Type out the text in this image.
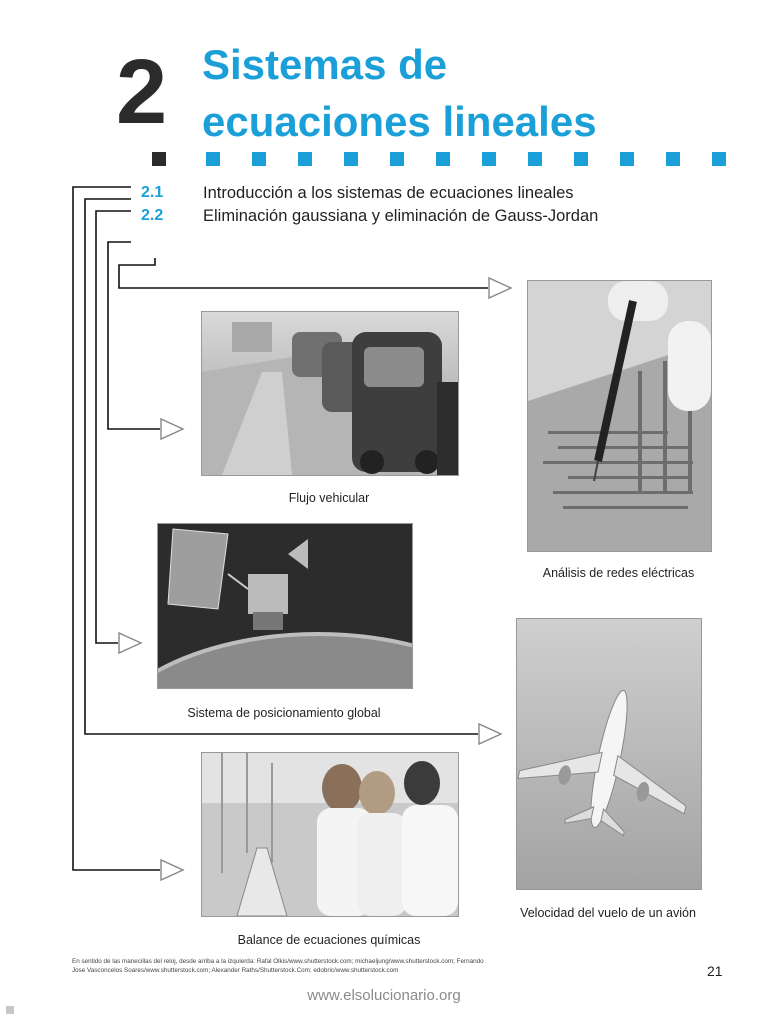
2 Sistemas de
ecuaciones lineales
2.1 Introducción a los sistemas de ecuaciones lineales
2.2 Eliminación gaussiana y eliminación de Gauss-Jordan
Flujo vehicular
Análisis de redes eléctricas
Sistema de posicionamiento global
Velocidad del vuelo de un avión
Balance de ecuaciones químicas
En sentido de las manecillas del reloj, desde arriba a la izquierda: Rafal Olkis/www.shutterstock.com; michaeljung/www.shutterstock.com; Fernando Jose Vasconcelos Soares/www.shutterstock.com; Alexander Raths/Shutterstock.Com; edobric/www.shutterstock.com	21
www.elsolucionario.org
